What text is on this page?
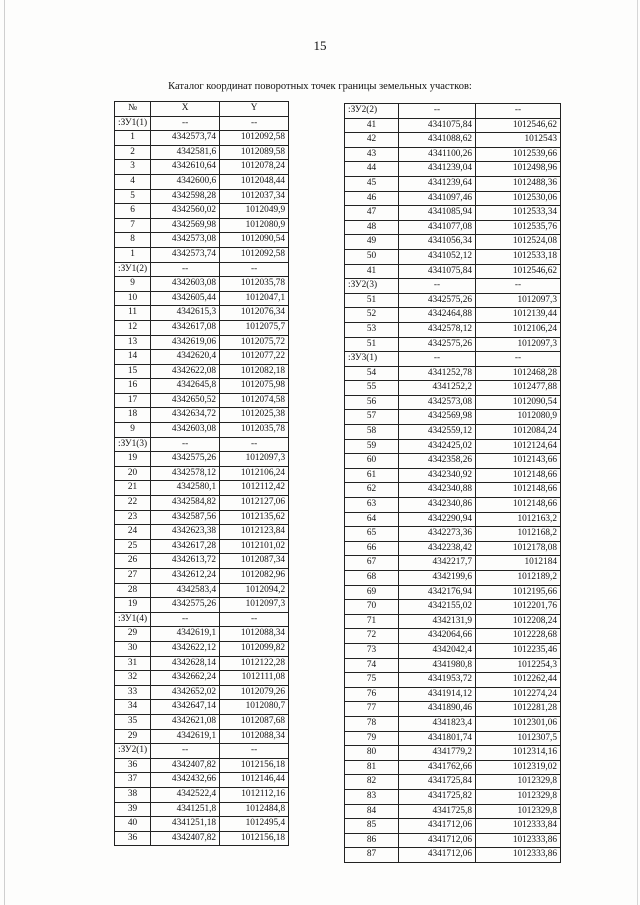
15
Каталог координат поворотных точек границы земельных участков:
№	X	Y
:ЗУ1(1)	--	--
1	4342573,74	1012092,58
2	4342581,6	1012089,58
3	4342610,64	1012078,24
4	4342600,6	1012048,44
5	4342598,28	1012037,34
6	4342560,02	1012049,9
7	4342569,98	1012080,9
8	4342573,08	1012090,54
1	4342573,74	1012092,58
:ЗУ1(2)	--	--
9	4342603,08	1012035,78
10	4342605,44	1012047,1
11	4342615,3	1012076,34
12	4342617,08	1012075,7
13	4342619,06	1012075,72
14	4342620,4	1012077,22
15	4342622,08	1012082,18
16	4342645,8	1012075,98
17	4342650,52	1012074,58
18	4342634,72	1012025,38
9	4342603,08	1012035,78
:ЗУ1(3)	--	--
19	4342575,26	1012097,3
20	4342578,12	1012106,24
21	4342580,1	1012112,42
22	4342584,82	1012127,06
23	4342587,56	1012135,62
24	4342623,38	1012123,84
25	4342617,28	1012101,02
26	4342613,72	1012087,34
27	4342612,24	1012082,96
28	4342583,4	1012094,2
19	4342575,26	1012097,3
:ЗУ1(4)	--	--
29	4342619,1	1012088,34
30	4342622,12	1012099,82
31	4342628,14	1012122,28
32	4342662,24	1012111,08
33	4342652,02	1012079,26
34	4342647,14	1012080,7
35	4342621,08	1012087,68
29	4342619,1	1012088,34
:ЗУ2(1)	--	--
36	4342407,82	1012156,18
37	4342432,66	1012146,44
38	4342522,4	1012112,16
39	4341251,8	1012484,8
40	4341251,18	1012495,4
36	4342407,82	1012156,18
:ЗУ2(2)	--	--
41	4341075,84	1012546,62
42	4341088,62	1012543
43	4341100,26	1012539,66
44	4341239,04	1012498,96
45	4341239,64	1012488,36
46	4341097,46	1012530,06
47	4341085,94	1012533,34
48	4341077,08	1012535,76
49	4341056,34	1012524,08
50	4341052,12	1012533,18
41	4341075,84	1012546,62
:ЗУ2(3)	--	--
51	4342575,26	1012097,3
52	4342464,88	1012139,44
53	4342578,12	1012106,24
51	4342575,26	1012097,3
:ЗУ3(1)	--	--
54	4341252,78	1012468,28
55	4341252,2	1012477,88
56	4342573,08	1012090,54
57	4342569,98	1012080,9
58	4342559,12	1012084,24
59	4342425,02	1012124,64
60	4342358,26	1012143,66
61	4342340,92	1012148,66
62	4342340,88	1012148,66
63	4342340,86	1012148,66
64	4342290,94	1012163,2
65	4342273,36	1012168,2
66	4342238,42	1012178,08
67	4342217,7	1012184
68	4342199,6	1012189,2
69	4342176,94	1012195,66
70	4342155,02	1012201,76
71	4342131,9	1012208,24
72	4342064,66	1012228,68
73	4342042,4	1012235,46
74	4341980,8	1012254,3
75	4341953,72	1012262,44
76	4341914,12	1012274,24
77	4341890,46	1012281,28
78	4341823,4	1012301,06
79	4341801,74	1012307,5
80	4341779,2	1012314,16
81	4341762,66	1012319,02
82	4341725,84	1012329,8
83	4341725,82	1012329,8
84	4341725,8	1012329,8
85	4341712,06	1012333,84
86	4341712,06	1012333,86
87	4341712,06	1012333,86
